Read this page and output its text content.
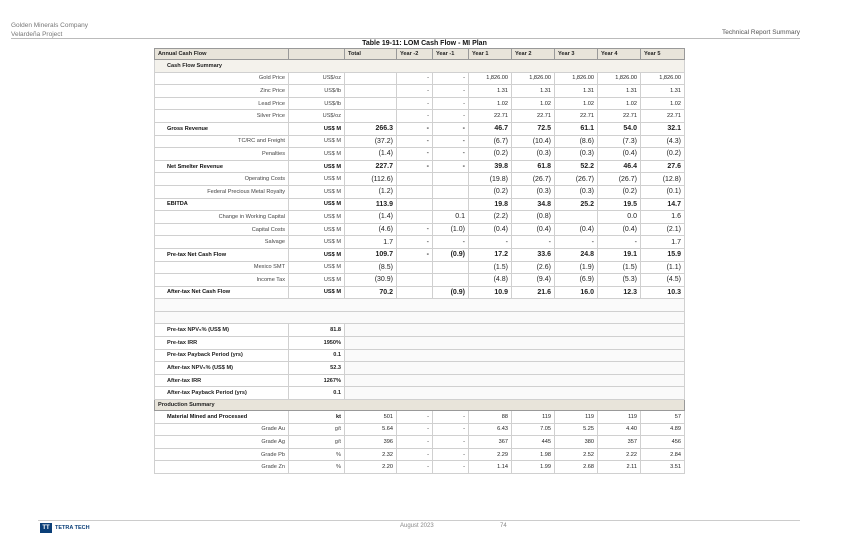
Golden Minerals Company
Velardeña Project	Technical Report Summary
Table 19-11: LOM Cash Flow - MI Plan
Annual Cash Flow		Total	Year -2	Year -1	Year 1	Year 2	Year 3	Year 4	Year 5
Cash Flow Summary									
Gold Price	US$/oz		-	-	1,826.00	1,826.00	1,826.00	1,826.00	1,826.00
Zinc Price	US$/lb		-	-	1.31	1.31	1.31	1.31	1.31
Lead Price	US$/lb		-	-	1.02	1.02	1.02	1.02	1.02
Silver Price	US$/oz		-	-	22.71	22.71	22.71	22.71	22.71
Gross Revenue	US$ M	266.3	-	-	46.7	72.5	61.1	54.0	32.1
TC/RC and Freight	US$ M	(37.2)	-	-	(6.7)	(10.4)	(8.6)	(7.3)	(4.3)
Penalties	US$ M	(1.4)	-	-	(0.2)	(0.3)	(0.3)	(0.4)	(0.2)
Net Smelter Revenue	US$ M	227.7	-	-	39.8	61.8	52.2	46.4	27.6
Operating Costs	US$ M	(112.6)			(19.8)	(26.7)	(26.7)	(26.7)	(12.8)
Federal Precious Metal Royalty	US$ M	(1.2)			(0.2)	(0.3)	(0.3)	(0.2)	(0.1)
EBITDA	US$ M	113.9			19.8	34.8	25.2	19.5	14.7
Change in Working Capital	US$ M	(1.4)		0.1	(2.2)	(0.8)		0.0	1.6
Capital Costs	US$ M	(4.6)	-	(1.0)	(0.4)	(0.4)	(0.4)	(0.4)	(2.1)
Salvage	US$ M	1.7	-	-	-	-	-	-	1.7
Pre-tax Net Cash Flow	US$ M	109.7	-	(0.9)	17.2	33.6	24.8	19.1	15.9
Mexico SMT	US$ M	(8.5)			(1.5)	(2.6)	(1.9)	(1.5)	(1.1)
Income Tax	US$ M	(30.9)			(4.8)	(9.4)	(6.9)	(5.3)	(4.5)
After-tax Net Cash Flow	US$ M	70.2		(0.9)	10.9	21.6	16.0	12.3	10.3

Pre-tax NPV₅% (US$ M)	81.8								
Pre-tax IRR	1950%								
Pre-tax Payback Period (yrs)	0.1								
After-tax NPV₅% (US$ M)	52.3								
After-tax IRR	1267%								
After-tax Payback Period (yrs)	0.1								
Production Summary									
Material Mined and Processed	kt	501	-	-	88	119	119	119	57
Grade Au	g/t	5.64	-	-	6.43	7.05	5.25	4.40	4.89
Grade Ag	g/t	396	-	-	367	445	380	357	456
Grade Pb	%	2.32	-	-	2.29	1.98	2.52	2.22	2.84
Grade Zn	%	2.20	-	-	1.14	1.99	2.68	2.11	3.51
TT TETRA TECH	August 2023	74
